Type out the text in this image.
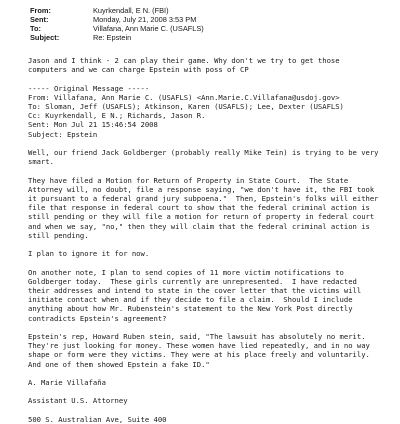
From:	Kuyrkendall, E N. (FBI)
Sent:	Monday, July 21, 2008 3:53 PM
To:	Villafana, Ann Marie C. (USAFLS)
Subject:	Re: Epstein
Jason and I think - 2 can play their game. Why don't we try to get those
computers and we can charge Epstein with poss of CP
----- Original Message -----
From: Villafana, Ann Marie C. (USAFLS) <Ann.Marie.C.Villafana@usdoj.gov>
To: Sloman, Jeff (USAFLS); Atkinson, Karen (USAFLS); Lee, Dexter (USAFLS)
Cc: Kuyrkendall, E N.; Richards, Jason R.
Sent: Mon Jul 21 15:46:54 2008
Subject: Epstein
Well, our friend Jack Goldberger (probably really Mike Tein) is trying to be very
smart.
They have filed a Motion for Return of Property in State Court.  The State
Attorney will, no doubt, file a response saying, "we don't have it, the FBI took
it pursuant to a federal grand jury subpoena."  Then, Epstein's folks will either
file that response in federal court to show that the federal criminal action is
still pending or they will file a motion for return of property in federal court
and when we say, "no," then they will claim that the federal criminal action is
still pending.
I plan to ignore it for now.
On another note, I plan to send copies of 11 more victim notifications to
Goldberger today.  These girls currently are unrepresented.  I have redacted
their addresses and intend to state in the cover letter that the victims will
initiate contact when and if they decide to file a claim.  Should I include
anything about how Mr. Rubenstein's statement to the New York Post directly
contradicts Epstein's agreement?
Epstein's rep, Howard Ruben stein, said, "The lawsuit has absolutely no merit.
They're just looking for money. These women have lied repeatedly, and in no way
shape or form were they victims. They were at his place freely and voluntarily.
And one of them showed Epstein a fake ID."
A. Marie Villafaña
Assistant U.S. Attorney
500 S. Australian Ave, Suite 400
